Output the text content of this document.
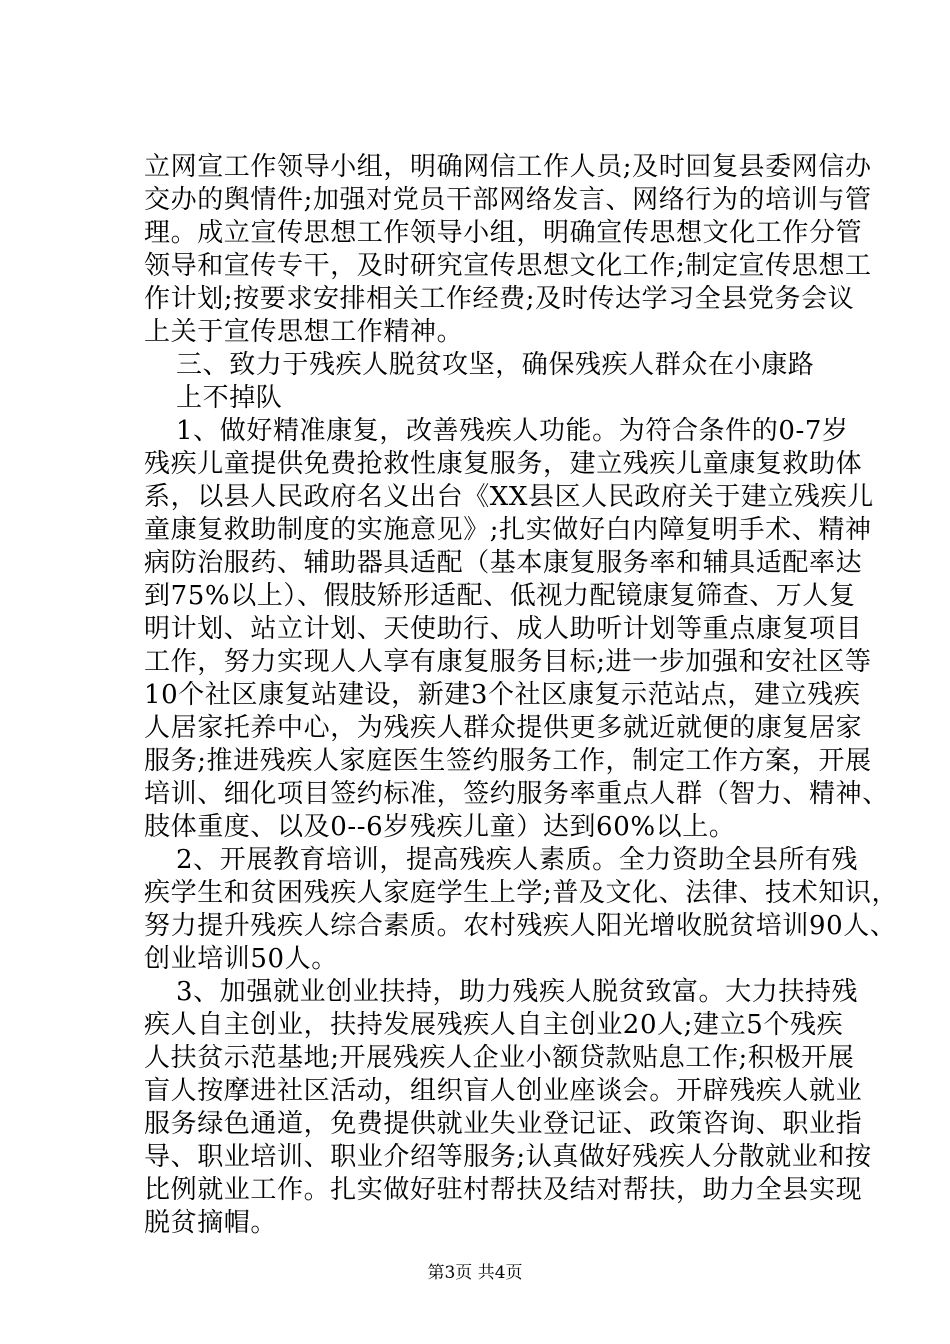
立网宣工作领导小组，明确网信工作人员;及时回复县委网信办
交办的舆情件;加强对党员干部网络发言、网络行为的培训与管
理。成立宣传思想工作领导小组，明确宣传思想文化工作分管
领导和宣传专干，及时研究宣传思想文化工作;制定宣传思想工
作计划;按要求安排相关工作经费;及时传达学习全县党务会议
上关于宣传思想工作精神。
三、致力于残疾人脱贫攻坚，确保残疾人群众在小康路
上不掉队
1、做好精准康复，改善残疾人功能。为符合条件的0-7岁
残疾儿童提供免费抢救性康复服务，建立残疾儿童康复救助体
系，以县人民政府名义出台《XX县区人民政府关于建立残疾儿
童康复救助制度的实施意见》;扎实做好白内障复明手术、精神
病防治服药、辅助器具适配（基本康复服务率和辅具适配率达
到75%以上）、假肢矫形适配、低视力配镜康复筛查、万人复
明计划、站立计划、天使助行、成人助听计划等重点康复项目
工作，努力实现人人享有康复服务目标;进一步加强和安社区等
10个社区康复站建设，新建3个社区康复示范站点，建立残疾
人居家托养中心，为残疾人群众提供更多就近就便的康复居家
服务;推进残疾人家庭医生签约服务工作，制定工作方案，开展
培训、细化项目签约标准，签约服务率重点人群（智力、精神、
肢体重度、以及0--6岁残疾儿童）达到60%以上。
2、开展教育培训，提高残疾人素质。全力资助全县所有残
疾学生和贫困残疾人家庭学生上学;普及文化、法律、技术知识，
努力提升残疾人综合素质。农村残疾人阳光增收脱贫培训90人、
创业培训50人。
3、加强就业创业扶持，助力残疾人脱贫致富。大力扶持残
疾人自主创业，扶持发展残疾人自主创业20人;建立5个残疾
人扶贫示范基地;开展残疾人企业小额贷款贴息工作;积极开展
盲人按摩进社区活动，组织盲人创业座谈会。开辟残疾人就业
服务绿色通道，免费提供就业失业登记证、政策咨询、职业指
导、职业培训、职业介绍等服务;认真做好残疾人分散就业和按
比例就业工作。扎实做好驻村帮扶及结对帮扶，助力全县实现
脱贫摘帽。
第3页 共4页
